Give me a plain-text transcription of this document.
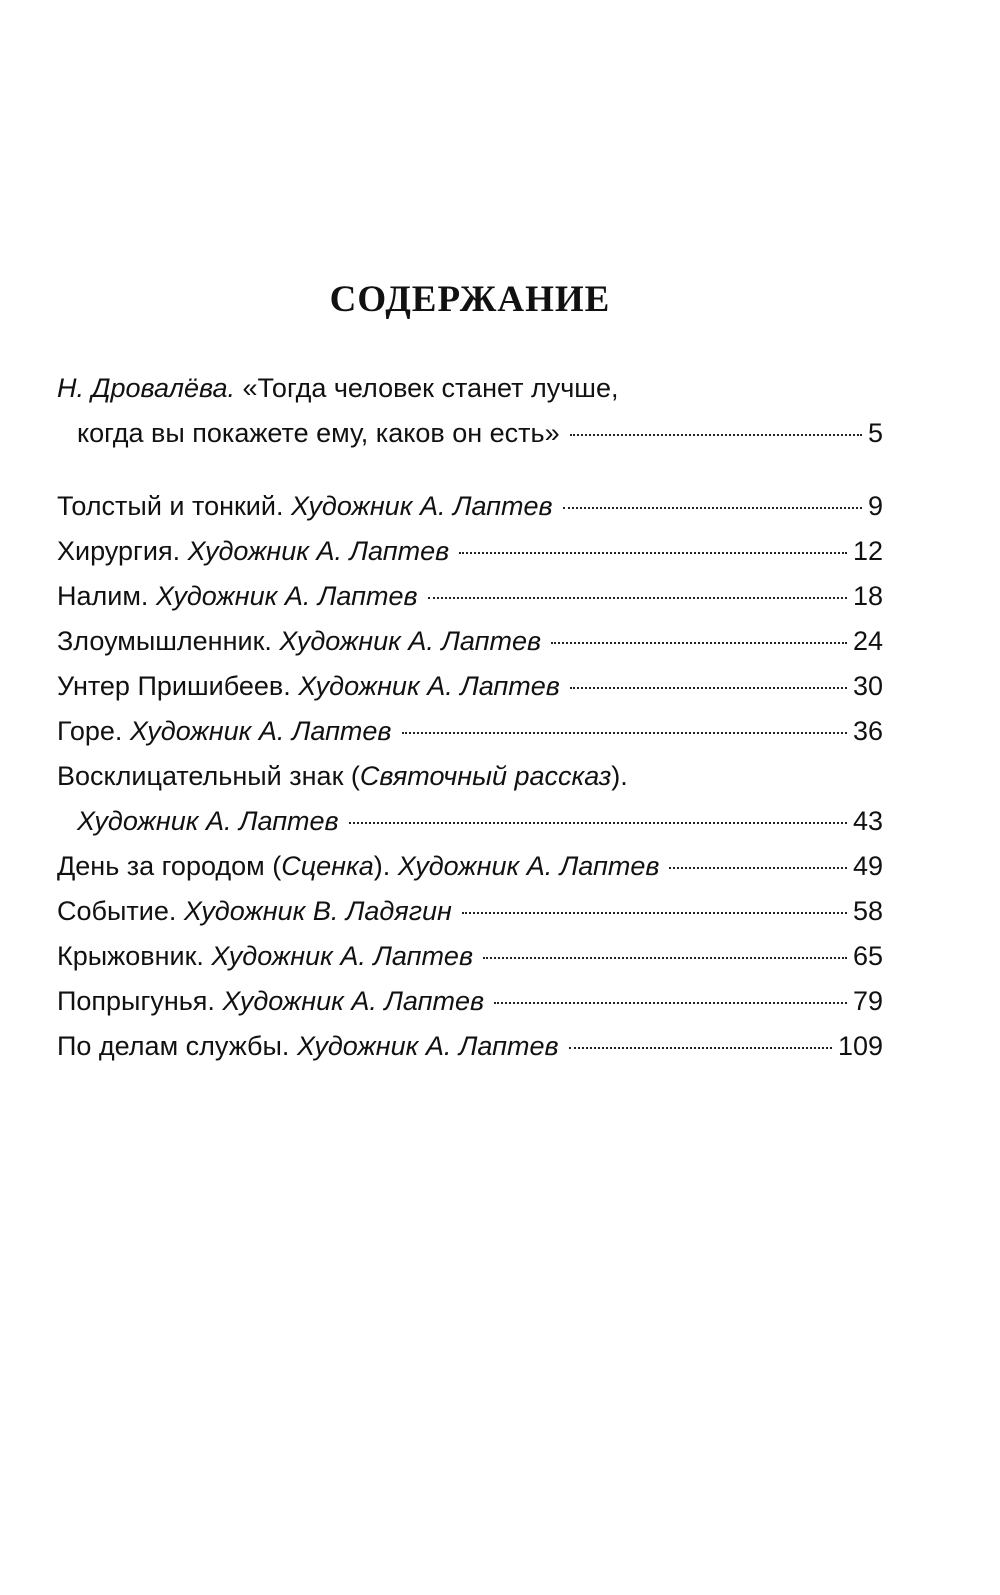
СОДЕРЖАНИЕ
Н. Дровалёва. «Тогда человек станет лучше,
когда вы покажете ему, каков он есть»	5
Толстый и тонкий. Художник А. Лаптев	9
Хирургия. Художник А. Лаптев	12
Налим. Художник А. Лаптев	18
Злоумышленник. Художник А. Лаптев	24
Унтер Пришибеев. Художник А. Лаптев	30
Горе. Художник А. Лаптев	36
Восклицательный знак (Святочный рассказ).
Художник А. Лаптев	43
День за городом (Сценка). Художник А. Лаптев	49
Событие. Художник В. Ладягин	58
Крыжовник. Художник А. Лаптев	65
Попрыгунья. Художник А. Лаптев	79
По делам службы. Художник А. Лаптев	109
